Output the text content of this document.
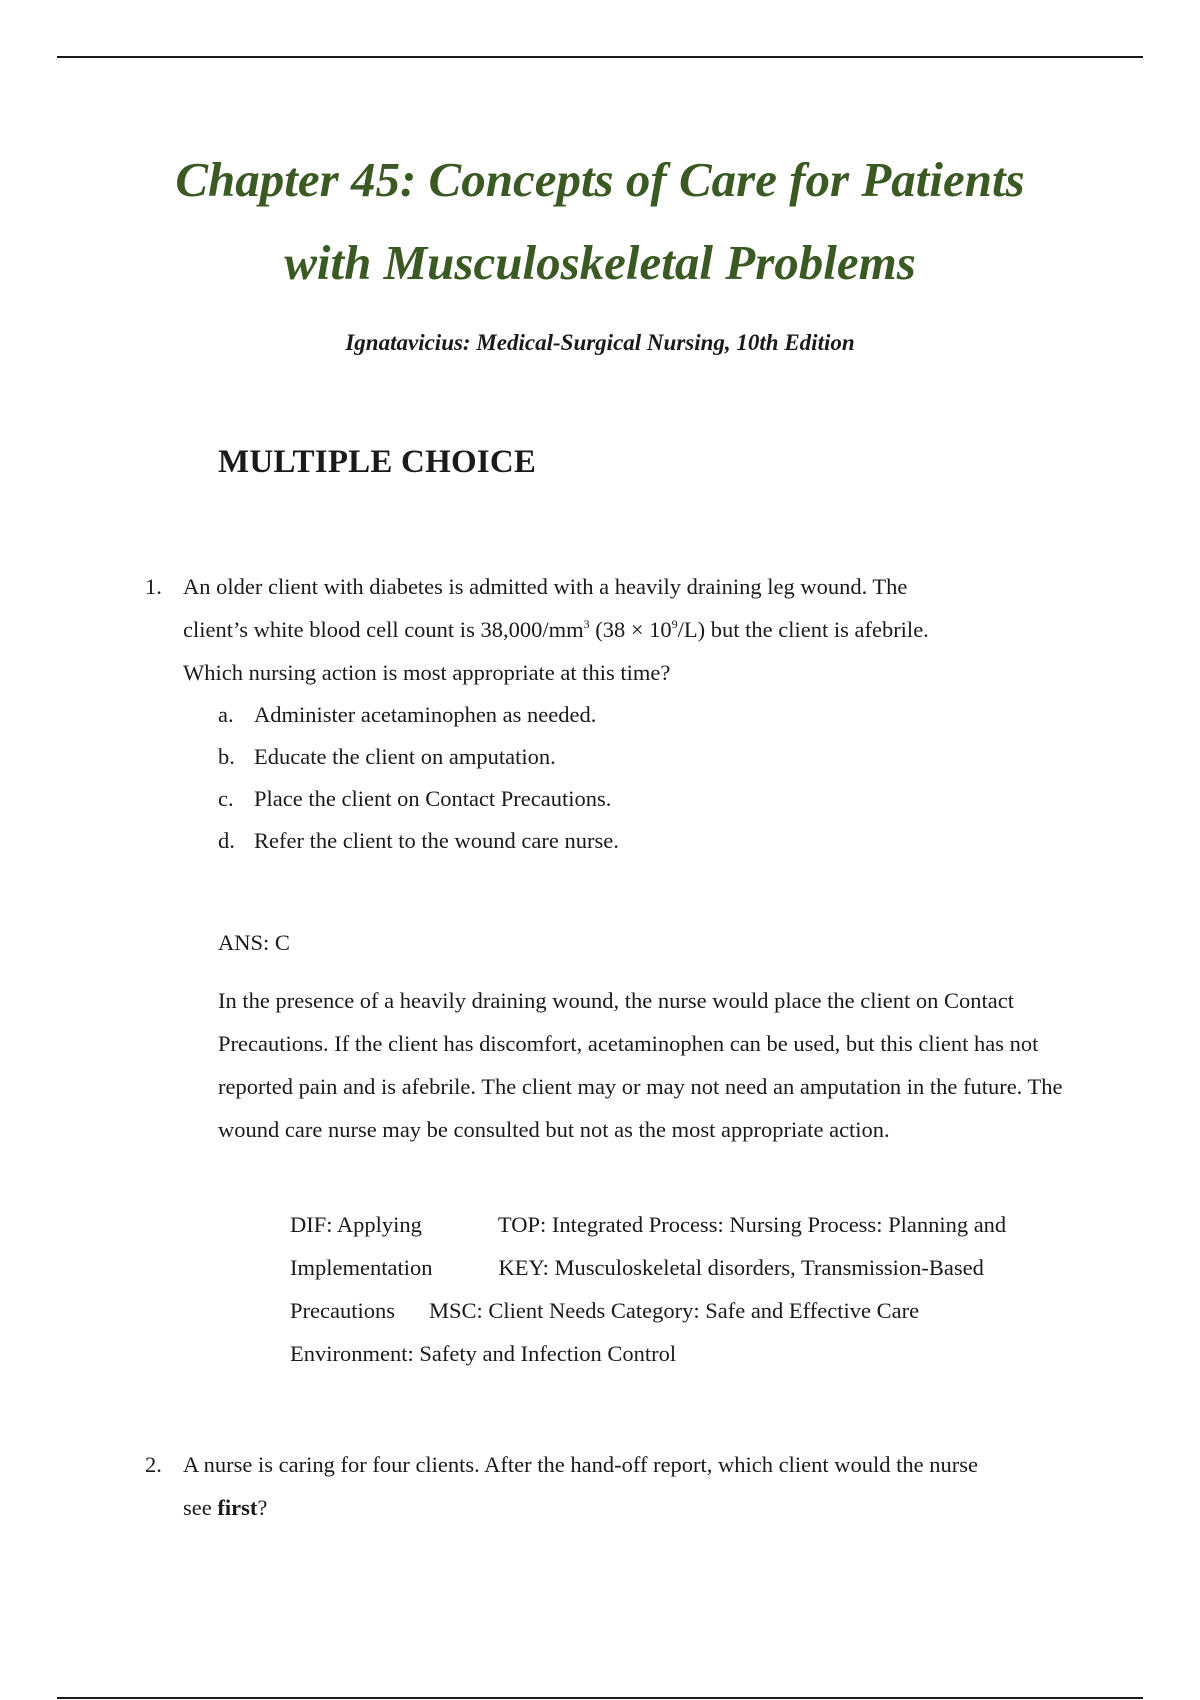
Chapter 45: Concepts of Care for Patients
with Musculoskeletal Problems
Ignatavicius: Medical-Surgical Nursing, 10th Edition
MULTIPLE CHOICE
1. An older client with diabetes is admitted with a heavily draining leg wound. The client’s white blood cell count is $38,000/mm^3$ $(38 \times 10^9/L)$ but the client is afebrile. Which nursing action is most appropriate at this time?
a. Administer acetaminophen as needed.
b. Educate the client on amputation.
c. Place the client on Contact Precautions.
d. Refer the client to the wound care nurse.
ANS: C
In the presence of a heavily draining wound, the nurse would place the client on Contact Precautions. If the client has discomfort, acetaminophen can be used, but this client has not reported pain and is afebrile. The client may or may not need an amputation in the future. The wound care nurse may be consulted but not as the most appropriate action.
DIF: Applying	TOP: Integrated Process: Nursing Process: Planning and
Implementation	KEY: Musculoskeletal disorders, Transmission-Based
Precautions MSC: Client Needs Category: Safe and Effective Care
Environment: Safety and Infection Control
2. A nurse is caring for four clients. After the hand-off report, which client would the nurse see first?
